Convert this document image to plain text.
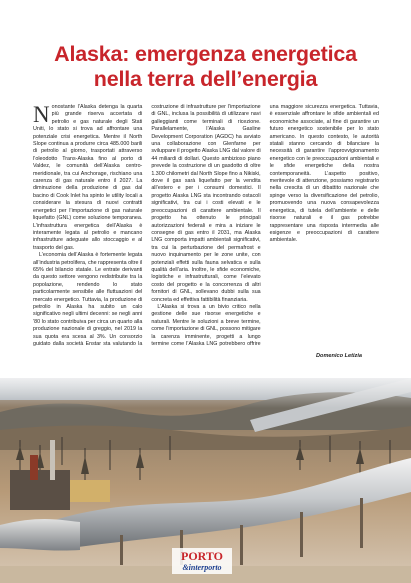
Alaska: emergenza energetica
nella terra dell’energia

Nonostante l’Alaska detenga la quarta più grande riserva accertata di petrolio e gas naturale degli Stati Uniti, lo stato si trova ad affrontare una potenziale crisi energetica. Mentre il North Slope continua a produrre circa 485.000 barili di petrolio al giorno, trasportati attraverso l’oleodotto Trans-Alaska fino al porto di Valdez, le comunità dell’Alaska centro-meridionale, tra cui Anchorage, rischiano una carenza di gas naturale entro il 2027. La diminuzione della produzione di gas dal bacino di Cook Inlet ha spinto le utility locali a considerare la stesura di nuovi contratti energetici per l’importazione di gas naturale liquefatto (GNL) come soluzione temporanea. L’infrastruttura energetica dell’Alaska è interamente legata al petrolio e mancano infrastrutture adeguate allo stoccaggio e al trasporto del gas.

L’economia dell’Alaska è fortemente legata all’industria petrolifera, che rappresenta oltre il 65% del bilancio statale. Le entrate derivanti da questo settore vengono redistribuite tra la popolazione, rendendo lo stato particolarmente sensibile alle fluttuazioni del mercato energetico. Tuttavia, la produzione di petrolio in Alaska ha subito un calo significativo negli ultimi decenni: se negli anni ’80 lo stato contribuiva per circa un quarto alla produzione nazionale di greggio, nel 2019 la sua quota era scesa al 3%. Un consorzio guidato dalla società Enstar sta valutando la costruzione di infrastrutture per l’importazione di GNL, inclusa la possibilità di utilizzare navi galleggianti come terminali di ricezione. Parallelamente, l’Alaska Gasline Development Corporation (AGDC) ha avviato una collaborazione con Glenfarne per sviluppare il progetto Alaska LNG dal valore di 44 miliardi di dollari. Questo ambizioso piano prevede la costruzione di un gasdotto di oltre 1.300 chilometri dal North Slope fino a Nikiski, dove il gas sarà liquefatto per la vendita all’estero e per i consumi domestici. Il progetto Alaska LNG sta incontrando ostacoli significativi, tra cui i costi elevati e le preoccupazioni di carattere ambientale. Il progetto ha ottenuto le principali autorizzazioni federali e mira a iniziare le consegne di gas entro il 2031, ma Alaska LNG comporta impatti ambientali significativi, tra cui la perturbazione del permafrost e nuovo inquinamento per le zone unite, con potenziali effetti sulla fauna selvatica e sulla qualità dell’aria. Inoltre, le sfide economiche, logistiche e infrastrutturali, come l’elevato costo del progetto e la concorrenza di altri fornitori di GNL, sollevano dubbi sulla sua concreta ed effettiva fattibilità finanziaria.

L’Alaska si trova a un bivio critico nella gestione delle sue risorse energetiche e naturali. Mentre le soluzioni a breve termine, come l’importazione di GNL, possono mitigare la carenza imminente, progetti a lungo termine come l’Alaska LNG potrebbero offrire una maggiore sicurezza energetica. Tuttavia, è essenziale affrontare le sfide ambientali ed economiche associate, al fine di garantire un futuro energetico sostenibile per lo stato americano. In questo contesto, le autorità statali stanno cercando di bilanciare la necessità di garantire l’approvvigionamento energetico con le preoccupazioni ambientali e le sfide energetiche della nostra contemporaneità. L’aspetto positivo, meritevole di attenzione, possiamo registrarlo nella crescita di un dibattito nazionale che spinge verso la diversificazione del petrolio, promuovendo una nuova consapevolezza energetica, di tutela dell’ambiente e delle risorse naturali e il gas potrebbe rappresentare una risposta intermedia alle esigenze e preoccupazioni di carattere ambientale.

Domenico Letizia
PORTO
&interporto
